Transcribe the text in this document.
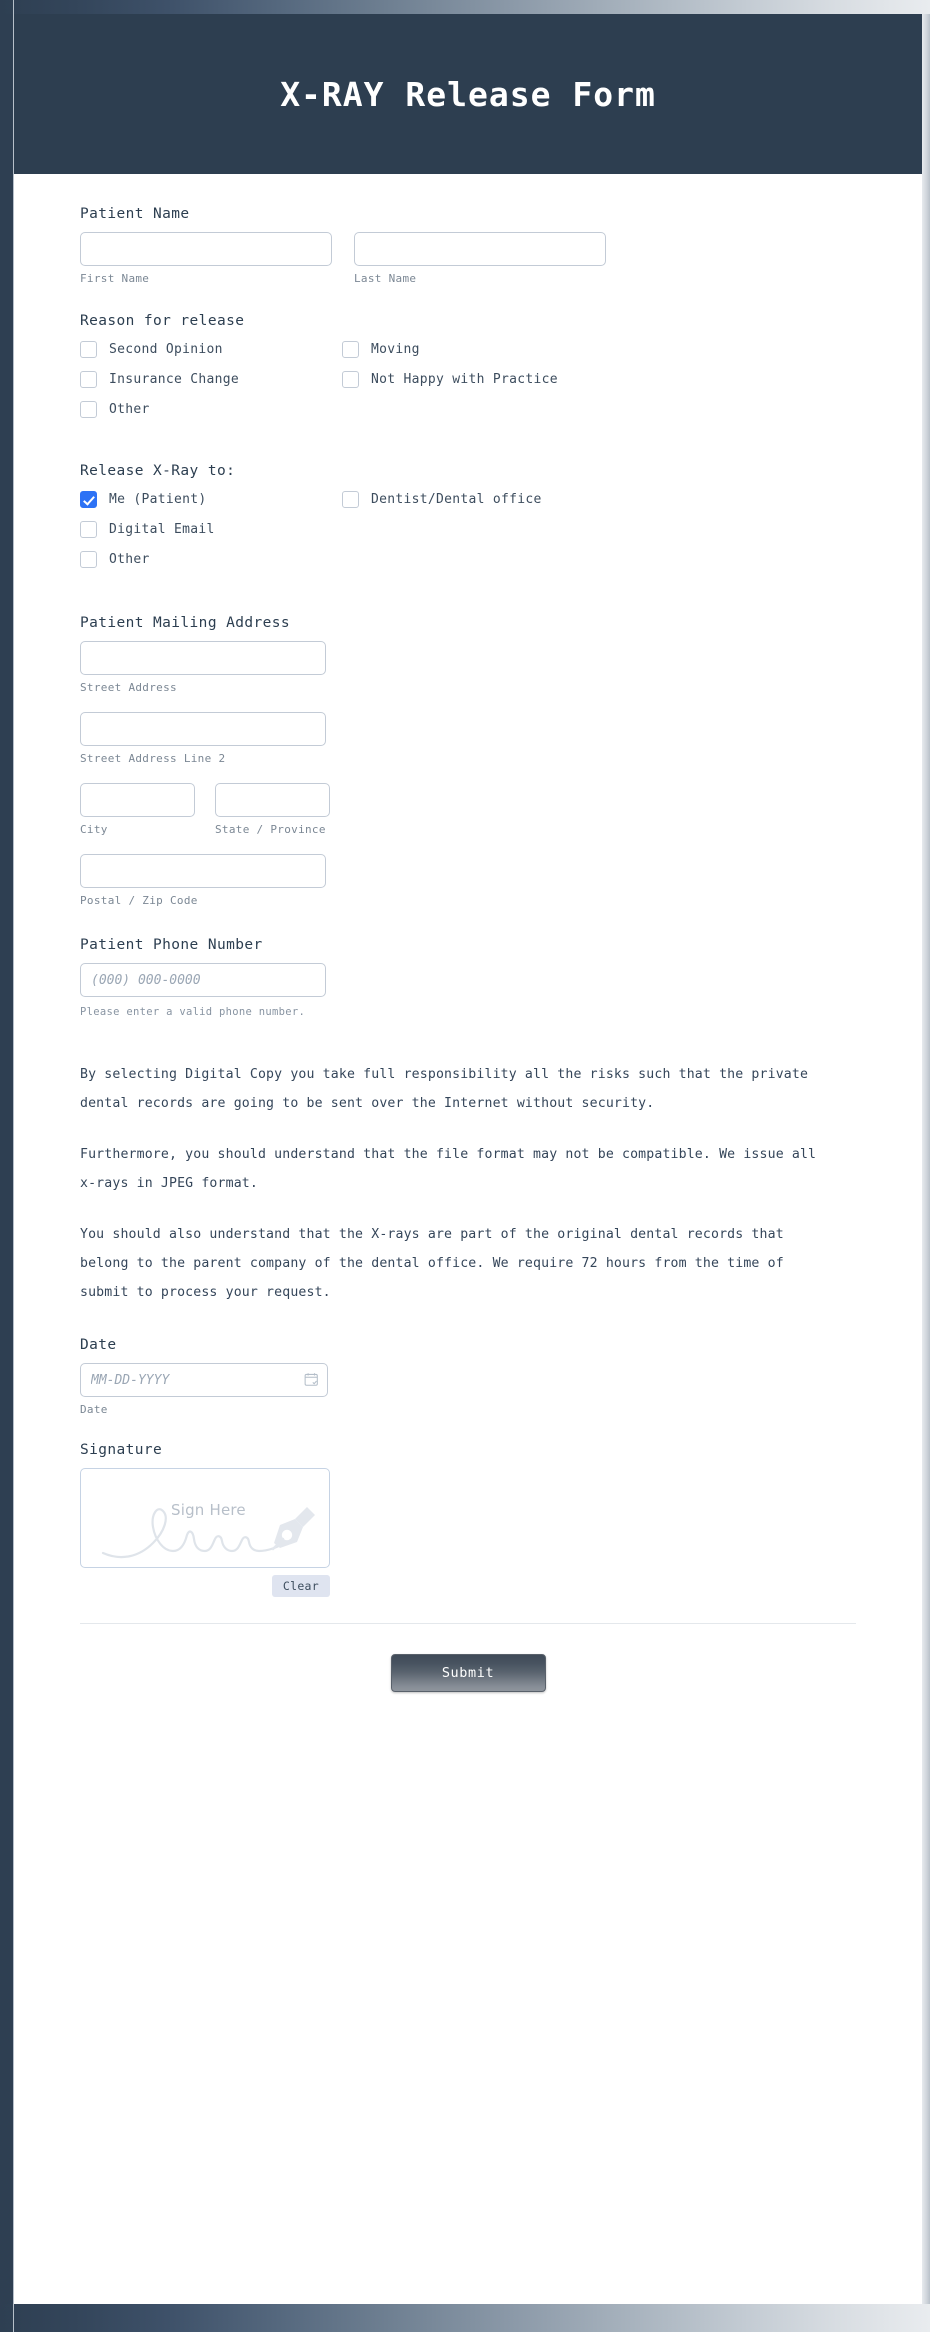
X-RAY Release Form
Patient Name
First Name	Last Name
Reason for release
Second Opinion
Insurance Change
Other
Moving
Not Happy with Practice
Release X-Ray to:
Me (Patient)
Digital Email
Other
Dentist/Dental office
Patient Mailing Address
Street Address
Street Address Line 2
City	State / Province
Postal / Zip Code
Patient Phone Number
(000) 000-0000
Please enter a valid phone number.

By selecting Digital Copy you take full responsibility all the risks such that the private dental records are going to be sent over the Internet without security.

Furthermore, you should understand that the file format may not be compatible. We issue all x-rays in JPEG format.

You should also understand that the X-rays are part of the original dental records that belong to the parent company of the dental office. We require 72 hours from the time of submit to process your request.

Date
MM-DD-YYYY
Date
Signature
Sign Here
Clear
Submit
